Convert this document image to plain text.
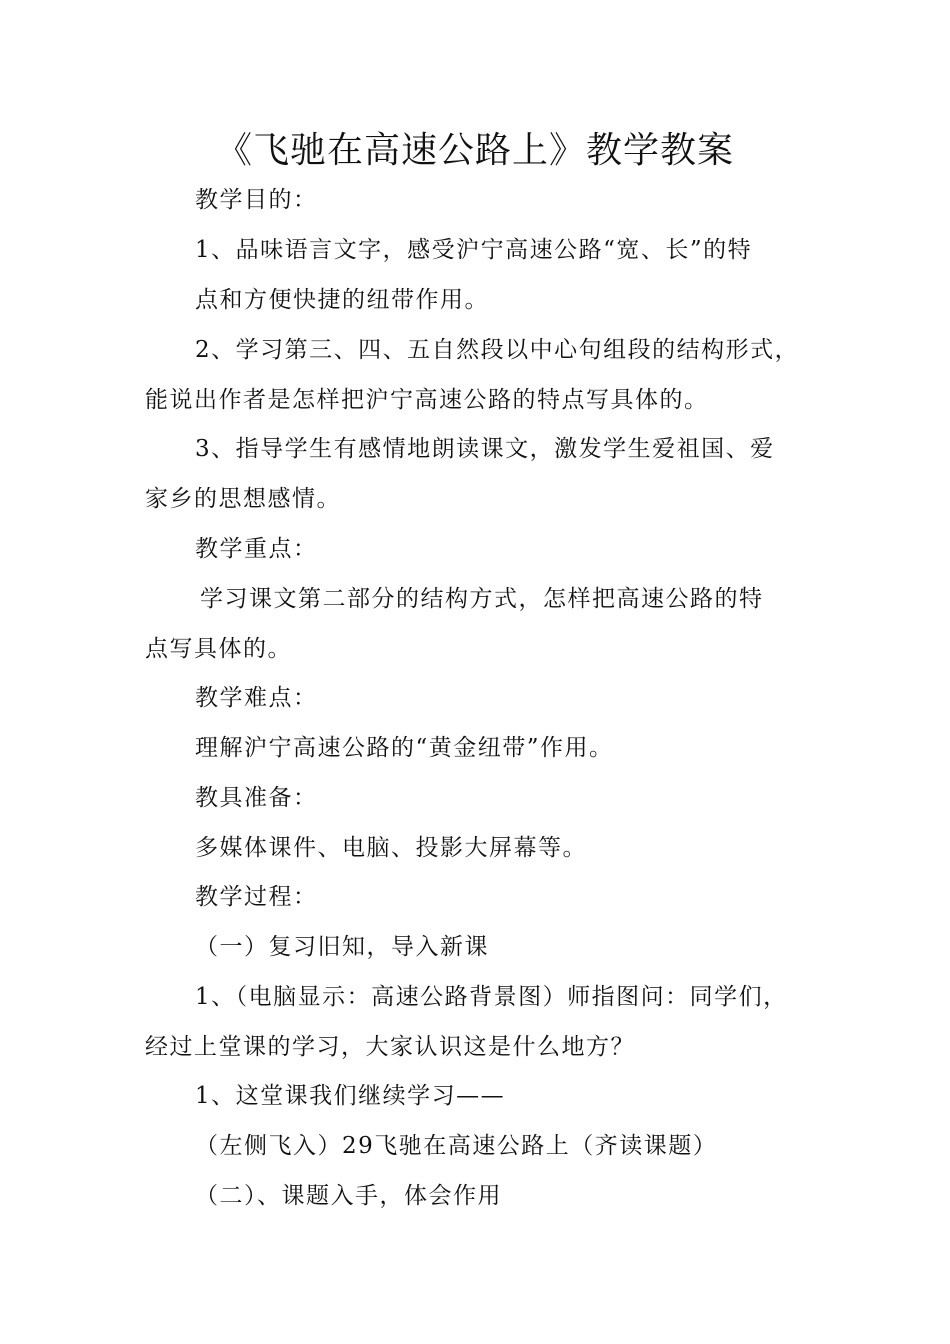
《飞驰在高速公路上》教学教案
教学目的：
1、品味语言文字，感受沪宁高速公路“宽、长”的特
点和方便快捷的纽带作用。
2、学习第三、四、五自然段以中心句组段的结构形式，
能说出作者是怎样把沪宁高速公路的特点写具体的。
3、指导学生有感情地朗读课文，激发学生爱祖国、爱
家乡的思想感情。
教学重点：
学习课文第二部分的结构方式，怎样把高速公路的特
点写具体的。
教学难点：
理解沪宁高速公路的“黄金纽带”作用。
教具准备：
多媒体课件、电脑、投影大屏幕等。
教学过程：
（一）复习旧知，导入新课
1、（电脑显示：高速公路背景图）师指图问：同学们，
经过上堂课的学习，大家认识这是什么地方？
1、这堂课我们继续学习——
（左侧飞入）29飞驰在高速公路上（齐读课题）
（二）、课题入手，体会作用
